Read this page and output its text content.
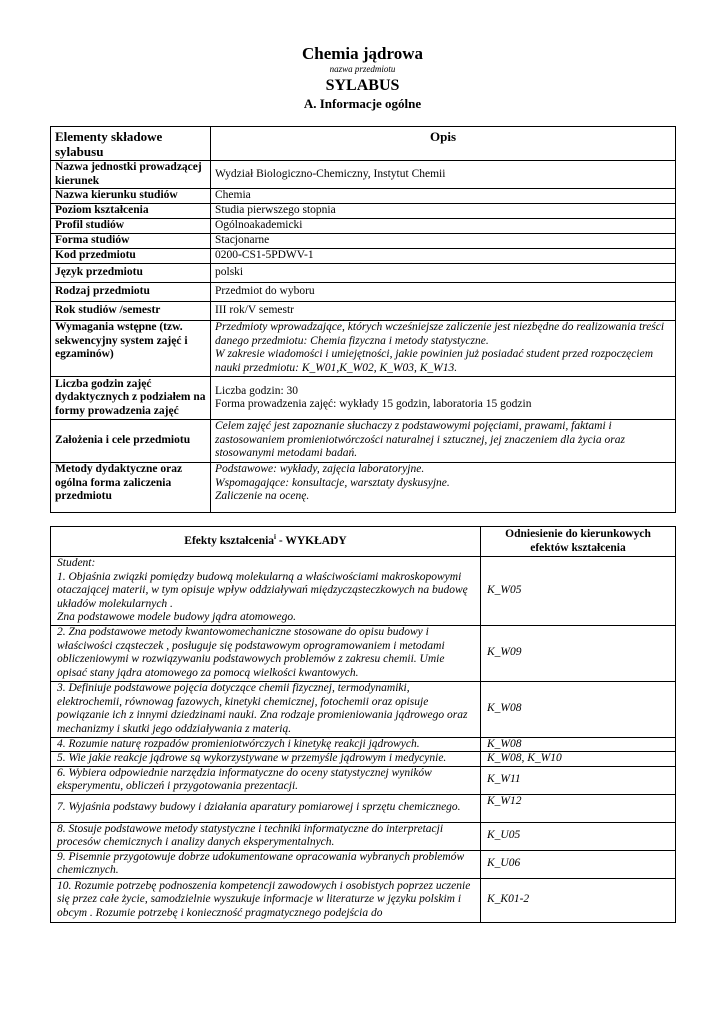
Chemia jądrowa
nazwa przedmiotu
SYLABUS
A. Informacje ogólne
Elementy składowe sylabusu	Opis
Nazwa jednostki prowadzącej kierunek	Wydział Biologiczno-Chemiczny, Instytut Chemii
Nazwa kierunku studiów	Chemia
Poziom kształcenia	Studia pierwszego stopnia
Profil studiów	Ogólnoakademicki
Forma studiów	Stacjonarne
Kod przedmiotu	0200-CS1-5PDWV-1
Język przedmiotu	polski
Rodzaj przedmiotu	Przedmiot do wyboru
Rok studiów /semestr	III rok/V semestr
Wymagania wstępne (tzw. sekwencyjny system zajęć i egzaminów)	Przedmioty wprowadzające, których wcześniejsze zaliczenie jest niezbędne do realizowania treści danego przedmiotu: Chemia fizyczna i metody statystyczne.
W zakresie wiadomości i umiejętności, jakie powinien już posiadać student przed rozpoczęciem nauki przedmiotu: K_W01,K_W02, K_W03, K_W13.

Liczba godzin zajęć dydaktycznych z podziałem na formy prowadzenia zajęć	Liczba godzin: 30
Forma prowadzenia zajęć: wykłady 15 godzin, laboratoria 15 godzin

Założenia i cele przedmiotu	Celem zajęć jest zapoznanie słuchaczy z podstawowymi pojęciami, prawami, faktami i zastosowaniem promieniotwórczości naturalnej i sztucznej, jej znaczeniem dla życia oraz stosowanymi metodami badań.
Metody dydaktyczne oraz ogólna forma zaliczenia przedmiotu	Podstawowe: wykłady, zajęcia laboratoryjne.
Wspomagające: konsultacje, warsztaty dyskusyjne.
Zaliczenie na ocenę.
Efekty kształcenia$^i$ - WYKŁADY	Odniesienie do kierunkowych efektów kształcenia

Student:
1. Objaśnia związki pomiędzy budową molekularną a właściwościami makroskopowymi otaczającej materii, w tym opisuje wpływ oddziaływań międzycząsteczkowych na budowę układów molekularnych .
Zna podstawowe modele budowy jądra atomowego.	K_W05
2. Zna podstawowe metody kwantowomechaniczne stosowane do opisu budowy i właściwości cząsteczek , posługuje się podstawowym oprogramowaniem i metodami obliczeniowymi w rozwiązywaniu podstawowych problemów z zakresu chemii. Umie opisać stany jądra atomowego za pomocą wielkości kwantowych.	K_W09
3. Definiuje podstawowe pojęcia dotyczące chemii fizycznej, termodynamiki, elektrochemii, równowag fazowych, kinetyki chemicznej, fotochemii oraz opisuje powiązanie ich z innymi dziedzinami nauki. Zna rodzaje promieniowania jądrowego oraz mechanizmy i skutki jego oddziaływania z materią.	K_W08
4. Rozumie naturę rozpadów promieniotwórczych i kinetykę reakcji jądrowych.	K_W08
5. Wie jakie reakcje jądrowe są wykorzystywane w przemyśle jądrowym i medycynie.	K_W08, K_W10
6. Wybiera odpowiednie narzędzia informatyczne do oceny statystycznej wyników eksperymentu, obliczeń i przygotowania prezentacji.	K_W11
7. Wyjaśnia podstawy budowy i działania aparatury pomiarowej i sprzętu chemicznego.	K_W12
8. Stosuje podstawowe metody statystyczne i techniki informatyczne do interpretacji procesów chemicznych i analizy danych eksperymentalnych.	K_U05
9. Pisemnie przygotowuje dobrze udokumentowane opracowania wybranych problemów chemicznych.	K_U06
10. Rozumie potrzebę podnoszenia kompetencji zawodowych i osobistych poprzez uczenie się przez całe życie, samodzielnie wyszukuje informacje w literaturze w języku polskim i obcym . Rozumie potrzebę i konieczność pragmatycznego podejścia do	K_K01-2
